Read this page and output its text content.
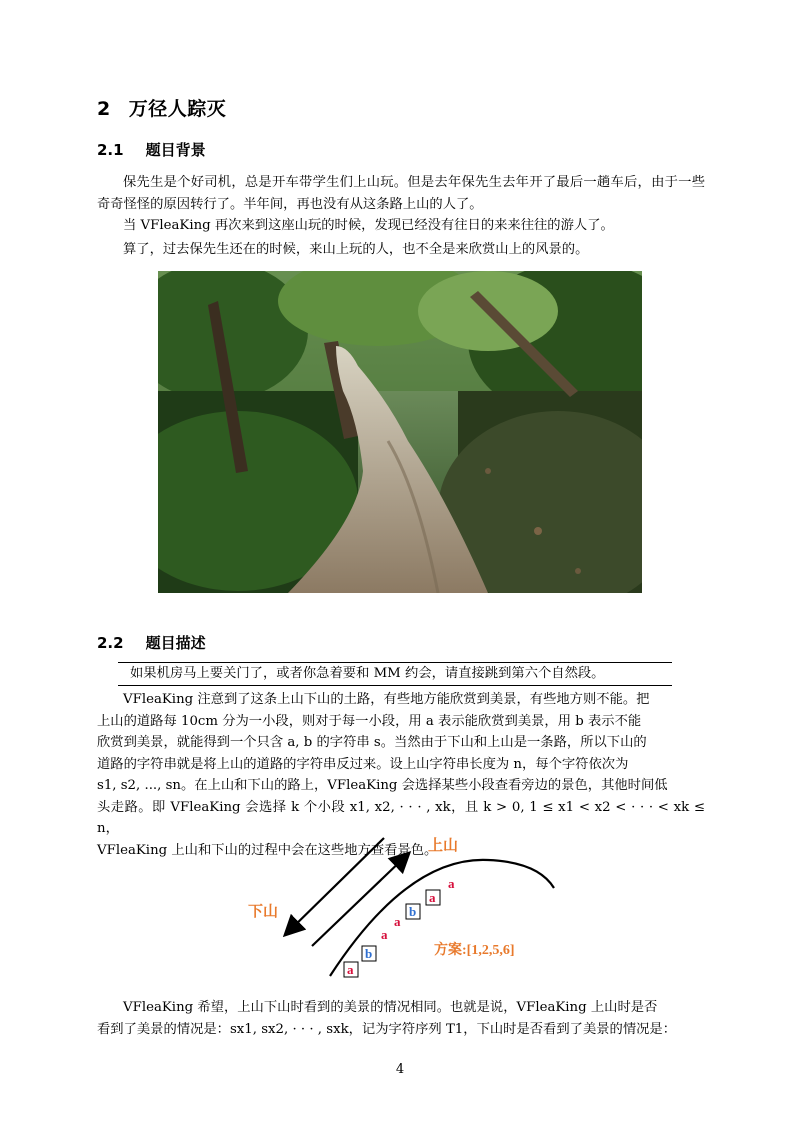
2 万径人踪灭
2.1 题目背景

保先生是个好司机，总是开车带学生们上山玩。但是去年保先生去年开了最后一趟车后，由于一些奇奇怪怪的原因转行了。半年间，再也没有从这条路上山的人了。

当 VFleaKing 再次来到这座山玩的时候，发现已经没有往日的来来往往的游人了。

算了，过去保先生还在的时候，来山上玩的人，也不全是来欣赏山上的风景的。

2.2 题目描述
如果机房马上要关门了，或者你急着要和 MM 约会，请直接跳到第六个自然段。
VFleaKing 注意到了这条上山下山的土路，有些地方能欣赏到美景，有些地方则不能。把
上山的道路每 10cm 分为一小段，则对于每一小段，用 a 表示能欣赏到美景，用 b 表示不能
欣赏到美景，就能得到一个只含 a, b 的字符串 s。当然由于下山和上山是一条路，所以下山的
道路的字符串就是将上山的道路的字符串反过来。设上山字符串长度为 n，每个字符依次为
s1, s2, ..., sn。在上山和下山的路上，VFleaKing 会选择某些小段查看旁边的景色，其他时间低
头走路。即 VFleaKing 会选择 k 个小段 x1, x2, · · · , xk，且 k > 0, 1 ≤ x1 < x2 < · · · < xk ≤ n，
VFleaKing 上山和下山的过程中会在这些地方查看景色。
上山
下山
方案:[1,2,5,6]
a
b
b
a
a
a
a
VFleaKing 希望，上山下山时看到的美景的情况相同。也就是说，VFleaKing 上山时是否
看到了美景的情况是：sx1, sx2, · · · , sxk，记为字符序列 T1，下山时是否看到了美景的情况是：
4
